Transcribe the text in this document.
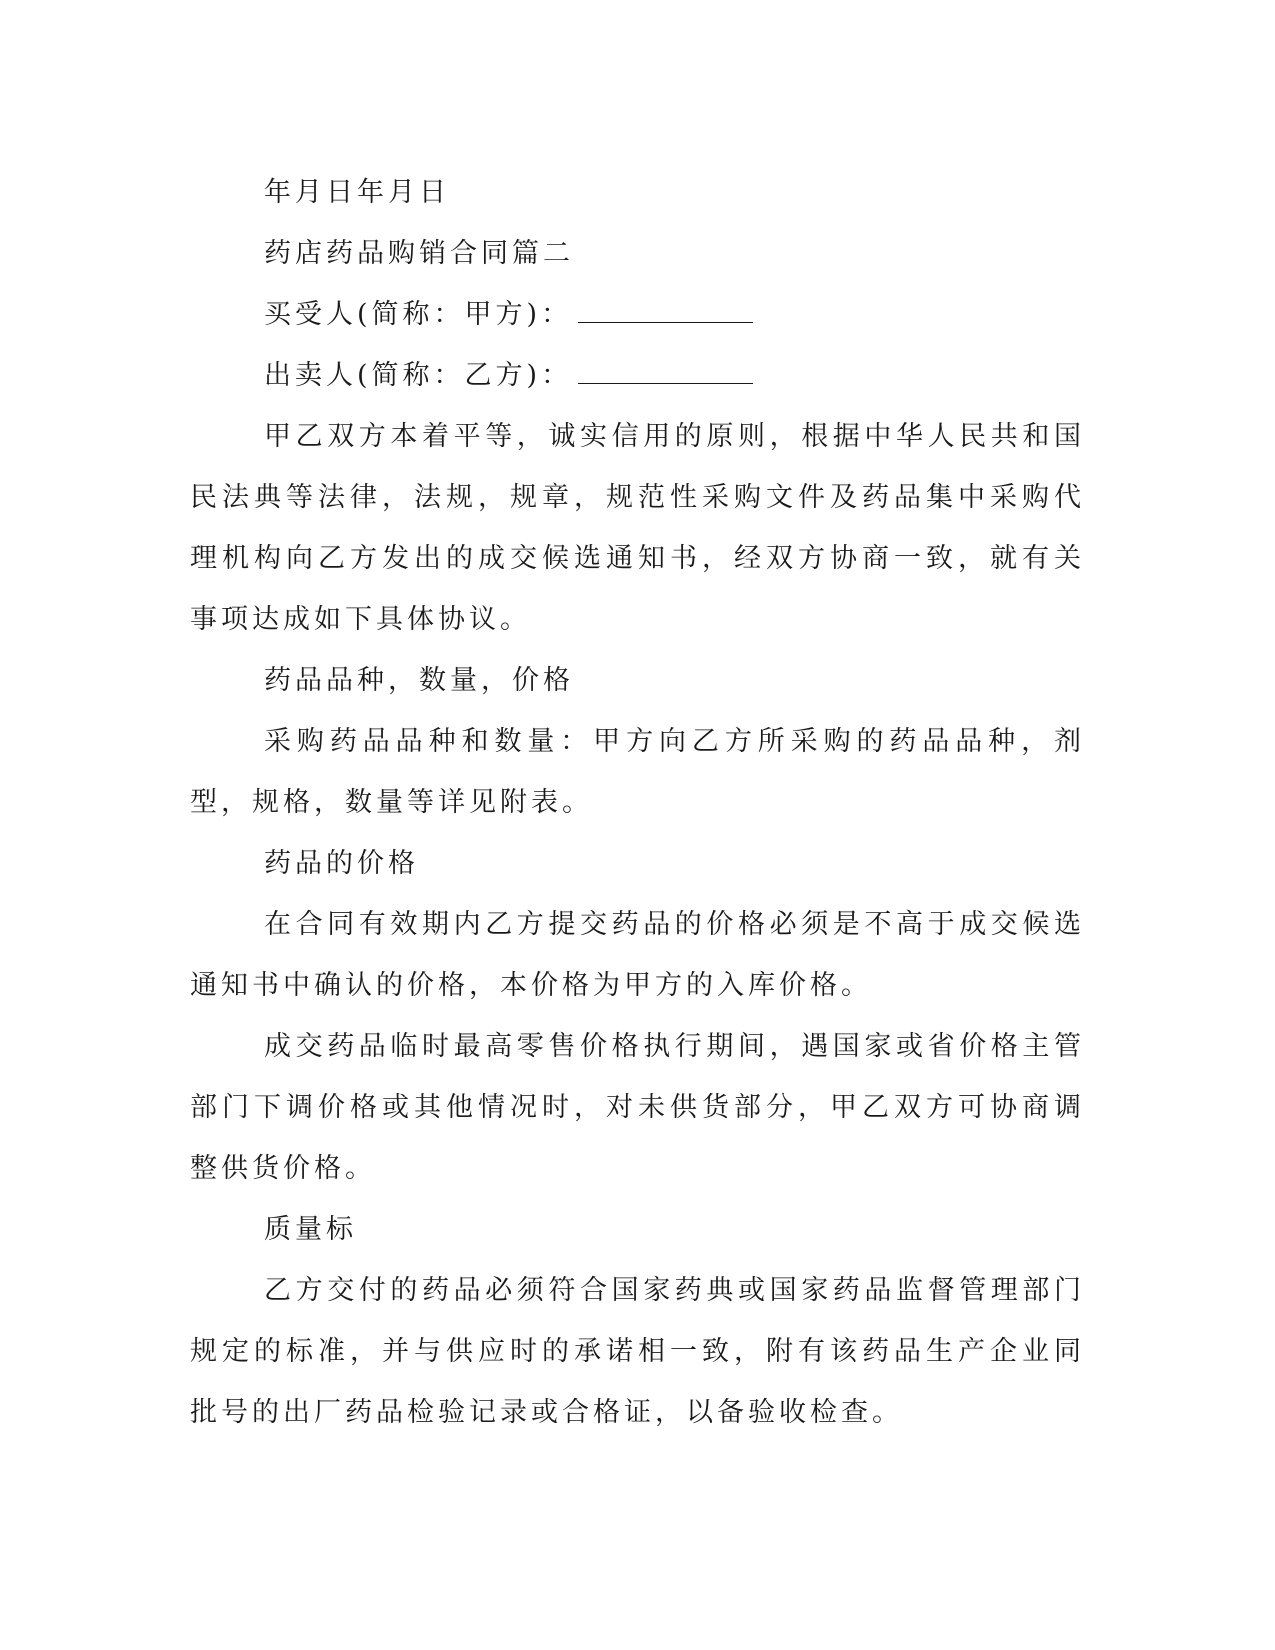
年月日年月日

药店药品购销合同篇二

买受人(简称：甲方)：

出卖人(简称：乙方)：

甲乙双方本着平等，诚实信用的原则，根据中华人民共和国民法典等法律，法规，规章，规范性采购文件及药品集中采购代理机构向乙方发出的成交候选通知书，经双方协商一致，就有关事项达成如下具体协议。

药品品种，数量，价格

采购药品品种和数量：甲方向乙方所采购的药品品种，剂型，规格，数量等详见附表。

药品的价格

在合同有效期内乙方提交药品的价格必须是不高于成交候选通知书中确认的价格，本价格为甲方的入库价格。

成交药品临时最高零售价格执行期间，遇国家或省价格主管部门下调价格或其他情况时，对未供货部分，甲乙双方可协商调整供货价格。

质量标

乙方交付的药品必须符合国家药典或国家药品监督管理部门规定的标准，并与供应时的承诺相一致，附有该药品生产企业同批号的出厂药品检验记录或合格证，以备验收检查。
